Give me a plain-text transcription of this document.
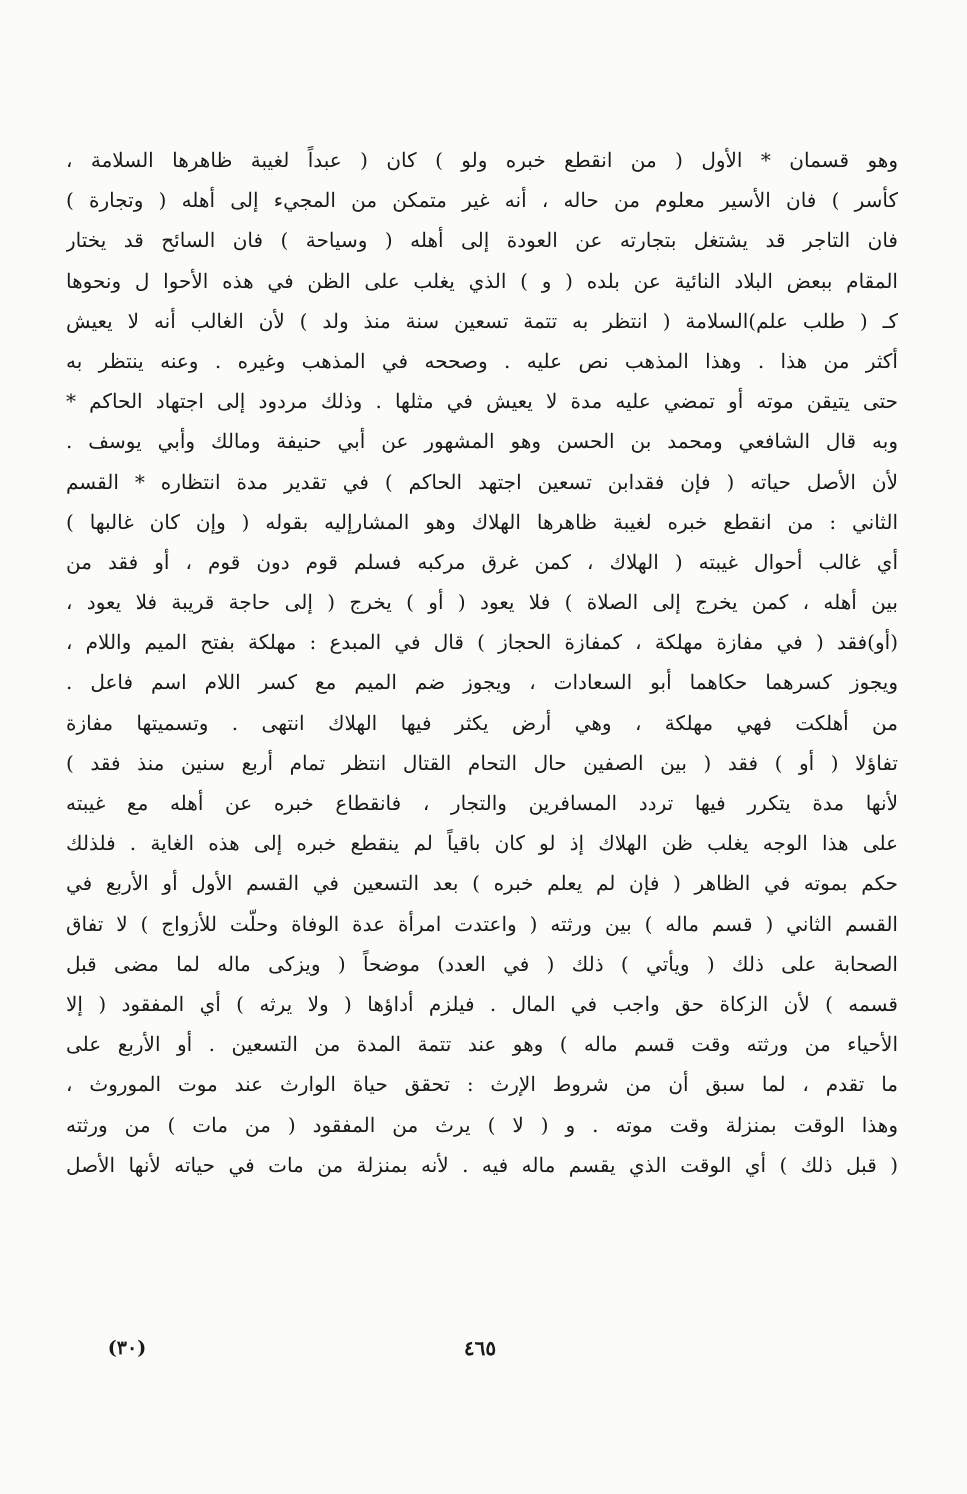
وهو قسمان * الأول ( من انقطع خبره ولو ) كان ( عبداً لغيبة ظاهرها السلامة ،
كأسر ) فان الأسير معلوم من حاله ، أنه غير متمكن من المجيء إلى أهله ( وتجارة )
فان التاجر قد يشتغل بتجارته عن العودة إلى أهله ( وسياحة ) فان السائح قد يختار
المقام ببعض البلاد النائية عن بلده ( و ) الذي يغلب على الظن في هذه الأحوا ل ونحوها
كـ ( طلب علم)السلامة ( انتظر به تتمة تسعين سنة منذ ولد ) لأن الغالب أنه لا يعيش
أكثر من هذا . وهذا المذهب نص عليه . وصححه في المذهب وغيره . وعنه ينتظر به
حتى يتيقن موته أو تمضي عليه مدة لا يعيش في مثلها . وذلك مردود إلى اجتهاد الحاكم *
وبه قال الشافعي ومحمد بن الحسن وهو المشهور عن أبي حنيفة ومالك وأبي يوسف .
لأن الأصل حياته ( فإن فقدابن تسعين اجتهد الحاكم ) في تقدير مدة انتظاره * القسم
الثاني : من انقطع خبره لغيبة ظاهرها الهلاك وهو المشارإليه بقوله ( وإن كان غالبها )
أي غالب أحوال غيبته ( الهلاك ، كمن غرق مركبه فسلم قوم دون قوم ، أو فقد من
بين أهله ، كمن يخرج إلى الصلاة ) فلا يعود ( أو ) يخرج ( إلى حاجة قريبة فلا يعود ،
(أو)فقد ( في مفازة مهلكة ، كمفازة الحجاز ) قال في المبدع : مهلكة بفتح الميم واللام ،
ويجوز كسرهما حكاهما أبو السعادات ، ويجوز ضم الميم مع كسر اللام اسم فاعل .
من أهلكت فهي مهلكة ، وهي أرض يكثر فيها الهلاك انتهى . وتسميتها مفازة
تفاؤلا ( أو ) فقد ( بين الصفين حال التحام القتال انتظر تمام أربع سنين منذ فقد )
لأنها مدة يتكرر فيها تردد المسافرين والتجار ، فانقطاع خبره عن أهله مع غيبته
على هذا الوجه يغلب ظن الهلاك إذ لو كان باقياً لم ينقطع خبره إلى هذه الغاية . فلذلك
حكم بموته في الظاهر ( فإن لم يعلم خبره ) بعد التسعين في القسم الأول أو الأربع في
القسم الثاني ( قسم ماله ) بين ورثته ( واعتدت امرأة عدة الوفاة وحلّت للأزواج ) لا تفاق
الصحابة على ذلك ( ويأتي ) ذلك ( في العدد) موضحاً ( ويزكى ماله لما مضى قبل
قسمه ) لأن الزكاة حق واجب في المال . فيلزم أداؤها ( ولا يرثه ) أي المفقود ( إلا
الأحياء من ورثته وقت قسم ماله ) وهو عند تتمة المدة من التسعين . أو الأربع على
ما تقدم ، لما سبق أن من شروط الإرث : تحقق حياة الوارث عند موت الموروث ،
وهذا الوقت بمنزلة وقت موته . و ( لا ) يرث من المفقود ( من مات ) من ورثته
( قبل ذلك ) أي الوقت الذي يقسم ماله فيه . لأنه بمنزلة من مات في حياته لأنها الأصل
(٣٠)	٤٦٥
